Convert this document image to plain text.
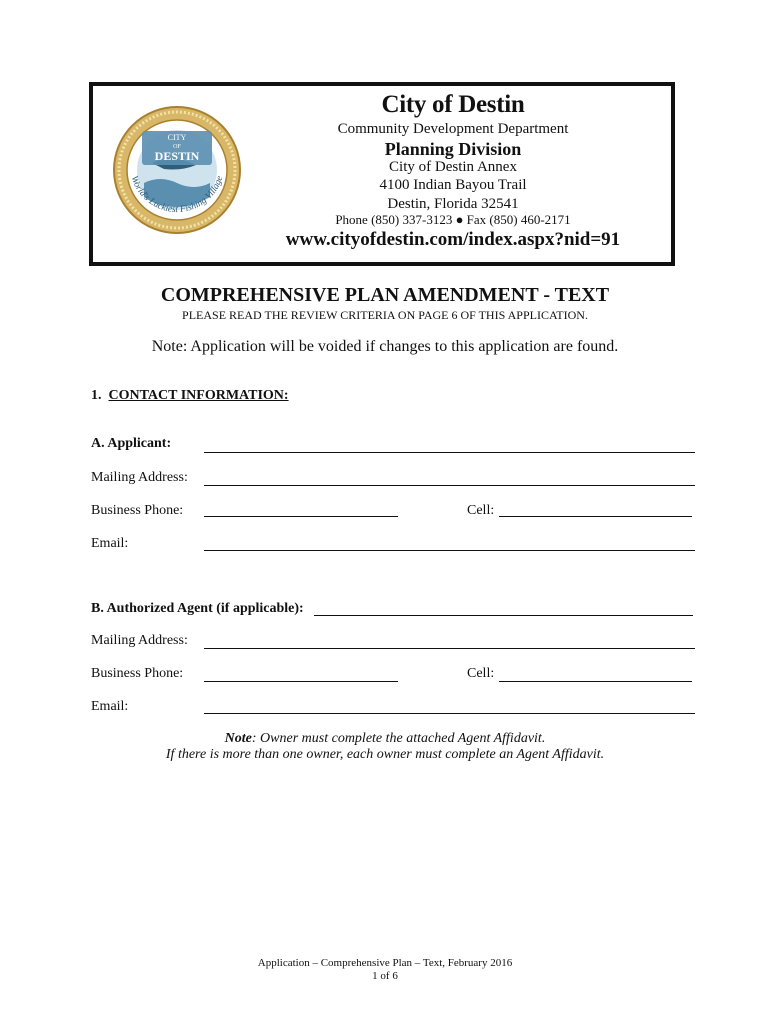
CITY
OF
DESTIN
World's Luckiest Fishing Village
City of Destin
Community Development Department
Planning Division
City of Destin Annex
4100 Indian Bayou Trail
Destin, Florida 32541
Phone (850) 337-3123 ● Fax (850) 460-2171
www.cityofdestin.com/index.aspx?nid=91
COMPREHENSIVE PLAN AMENDMENT - TEXT
PLEASE READ THE REVIEW CRITERIA ON PAGE 6 OF THIS APPLICATION.
Note: Application will be voided if changes to this application are found.
1. CONTACT INFORMATION:
A. Applicant:
Mailing Address:
Business Phone:	Cell:
Email:
B. Authorized Agent (if applicable):
Mailing Address:
Business Phone:	Cell:
Email:
Note: Owner must complete the attached Agent Affidavit.
If there is more than one owner, each owner must complete an Agent Affidavit.
Application – Comprehensive Plan – Text, February 2016
1 of 6
